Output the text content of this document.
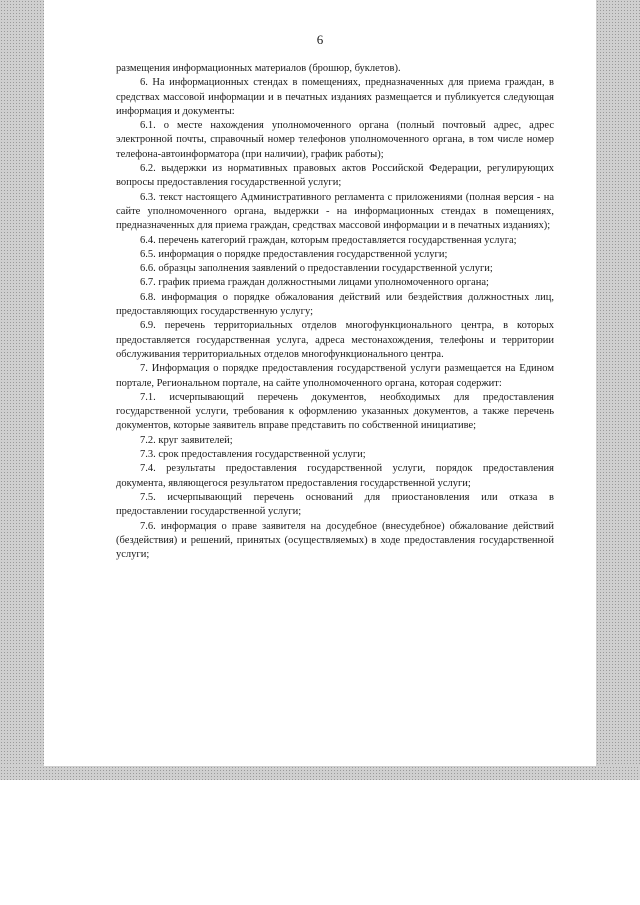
6

размещения информационных материалов (брошюр, буклетов).

6. На информационных стендах в помещениях, предназначенных для приема граждан, в средствах массовой информации и в печатных изданиях размещается и публикуется следующая информация и документы:

6.1. о месте нахождения уполномоченного органа (полный почтовый адрес, адрес электронной почты, справочный номер телефонов уполномоченного органа, в том числе номер телефона-автоинформатора (при наличии), график работы);

6.2. выдержки из нормативных правовых актов Российской Федерации, регулирующих вопросы предоставления государственной услуги;

6.3. текст настоящего Административного регламента с приложениями (полная версия - на сайте уполномоченного органа, выдержки - на информационных стендах в помещениях, предназначенных для приема граждан, средствах массовой информации и в печатных изданиях);

6.4. перечень категорий граждан, которым предоставляется государственная услуга;

6.5. информация о порядке предоставления государственной услуги;

6.6. образцы заполнения заявлений о предоставлении государственной услуги;

6.7. график приема граждан должностными лицами уполномоченного органа;

6.8. информация о порядке обжалования действий или бездействия должностных лиц, предоставляющих государственную услугу;

6.9. перечень территориальных отделов многофункционального центра, в которых предоставляется государственная услуга, адреса местонахождения, телефоны и территории обслуживания территориальных отделов многофункционального центра.

7. Информация о порядке предоставления государственой услуги размещается на Едином портале, Региональном портале, на сайте уполномоченного органа, которая содержит:

7.1. исчерпывающий перечень документов, необходимых для предоставления государственной услуги, требования к оформлению указанных документов, а также перечень документов, которые заявитель вправе представить по собственной инициативе;

7.2. круг заявителей;

7.3. срок предоставления государственной услуги;

7.4. результаты предоставления государственной услуги, порядок предоставления документа, являющегося результатом предоставления государственной услуги;

7.5. исчерпывающий перечень оснований для приостановления или отказа в предоставлении государственной услуги;

7.6. информация о праве заявителя на досудебное (внесудебное) обжалование действий (бездействия) и решений, принятых (осуществляемых) в ходе предоставления государственной услуги;
